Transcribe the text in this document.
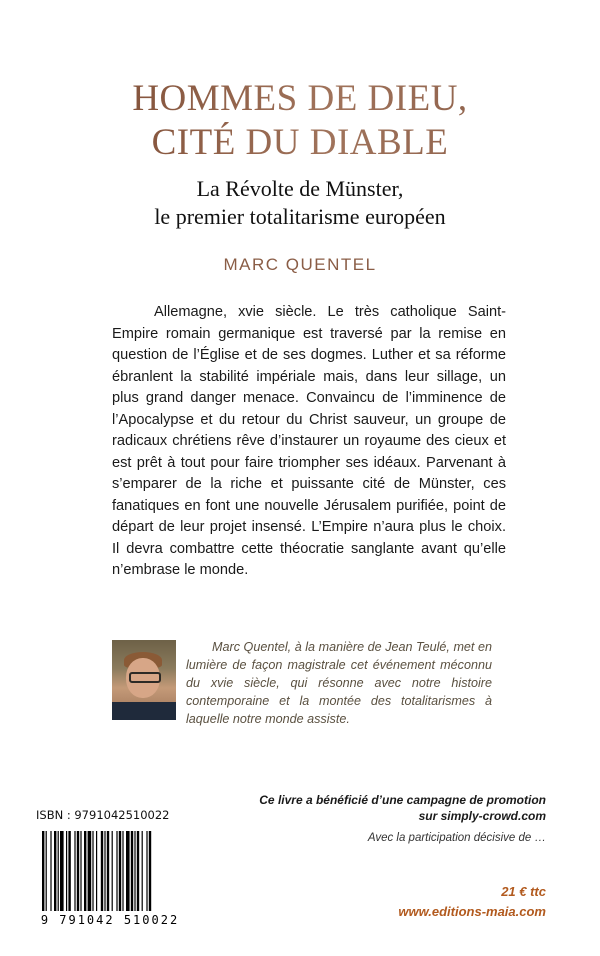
HOMMES DE DIEU,
CITÉ DU DIABLE
La Révolte de Münster,
le premier totalitarisme européen
MARC QUENTEL

Allemagne, xvie siècle. Le très catholique Saint-Empire romain germanique est traversé par la remise en question de l’Église et de ses dogmes. Luther et sa réforme ébranlent la stabilité impériale mais, dans leur sillage, un plus grand danger menace. Convaincu de l’imminence de l’Apocalypse et du retour du Christ sauveur, un groupe de radicaux chrétiens rêve d’instaurer un royaume des cieux et est prêt à tout pour faire triompher ses idéaux. Parvenant à s’emparer de la riche et puissante cité de Münster, ces fanatiques en font une nouvelle Jérusalem purifiée, point de départ de leur projet insensé. L’Empire n’aura plus le choix. Il devra combattre cette théocratie sanglante avant qu’elle n’embrase le monde.

Marc Quentel, à la manière de Jean Teulé, met en lumière de façon magistrale cet événement méconnu du xvie siècle, qui résonne avec notre histoire contemporaine et la montée des totalitarismes à laquelle notre monde assiste.

Ce livre a bénéficié d’une campagne de promotion
sur simply-crowd.com
Avec la participation décisive de …
21 € ttc
www.editions-maia.com
ISBN : 9791042510022
9 791042 510022
